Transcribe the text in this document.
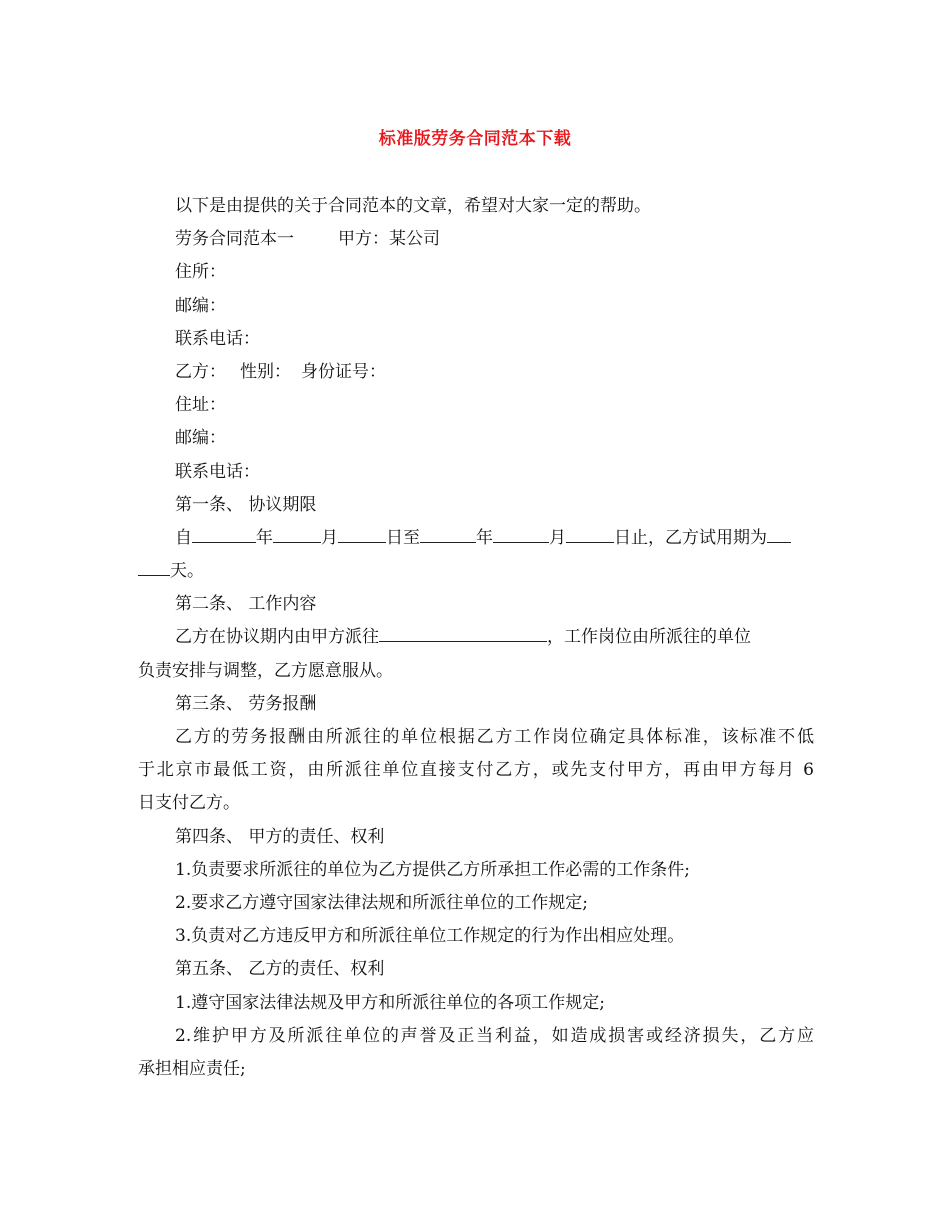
标准版劳务合同范本下载
以下是由提供的关于合同范本的文章，希望对大家一定的帮助。
劳务合同范本一	甲方：某公司
住所：
邮编：
联系电话：
乙方： 性别： 身份证号：
住址：
邮编：
联系电话：
第一条、 协议期限
自	年	月	日至	年	月	日止，乙方试用期为
天。
第二条、 工作内容
乙方在协议期内由甲方派往	，工作岗位由所派往的单位
负责安排与调整，乙方愿意服从。
第三条、 劳务报酬
乙方的劳务报酬由所派往的单位根据乙方工作岗位确定具体标准，该标准不低
于北京市最低工资，由所派往单位直接支付乙方，或先支付甲方，再由甲方每月 6
日支付乙方。
第四条、 甲方的责任、权利
1.负责要求所派往的单位为乙方提供乙方所承担工作必需的工作条件;
2.要求乙方遵守国家法律法规和所派往单位的工作规定;
3.负责对乙方违反甲方和所派往单位工作规定的行为作出相应处理。
第五条、 乙方的责任、权利
1.遵守国家法律法规及甲方和所派往单位的各项工作规定;
2.维护甲方及所派往单位的声誉及正当利益，如造成损害或经济损失，乙方应
承担相应责任;
